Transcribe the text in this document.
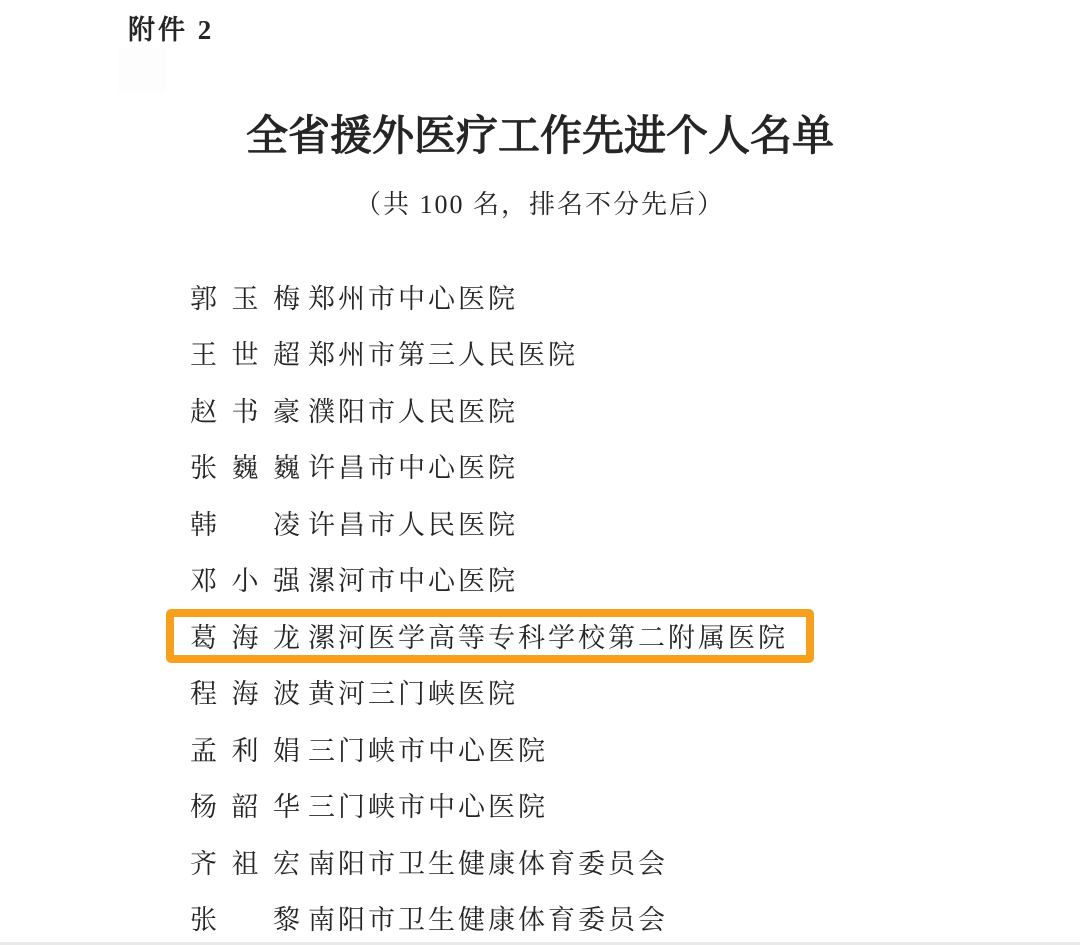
附件 2
全省援外医疗工作先进个人名单
（共 100 名，排名不分先后）
郭玉梅 郑州市中心医院
王世超 郑州市第三人民医院
赵书豪 濮阳市人民医院
张巍巍 许昌市中心医院
韩　凌 许昌市人民医院
邓小强 漯河市中心医院
葛海龙 漯河医学高等专科学校第二附属医院
程海波 黄河三门峡医院
孟利娟 三门峡市中心医院
杨韶华 三门峡市中心医院
齐祖宏 南阳市卫生健康体育委员会
张　黎 南阳市卫生健康体育委员会
